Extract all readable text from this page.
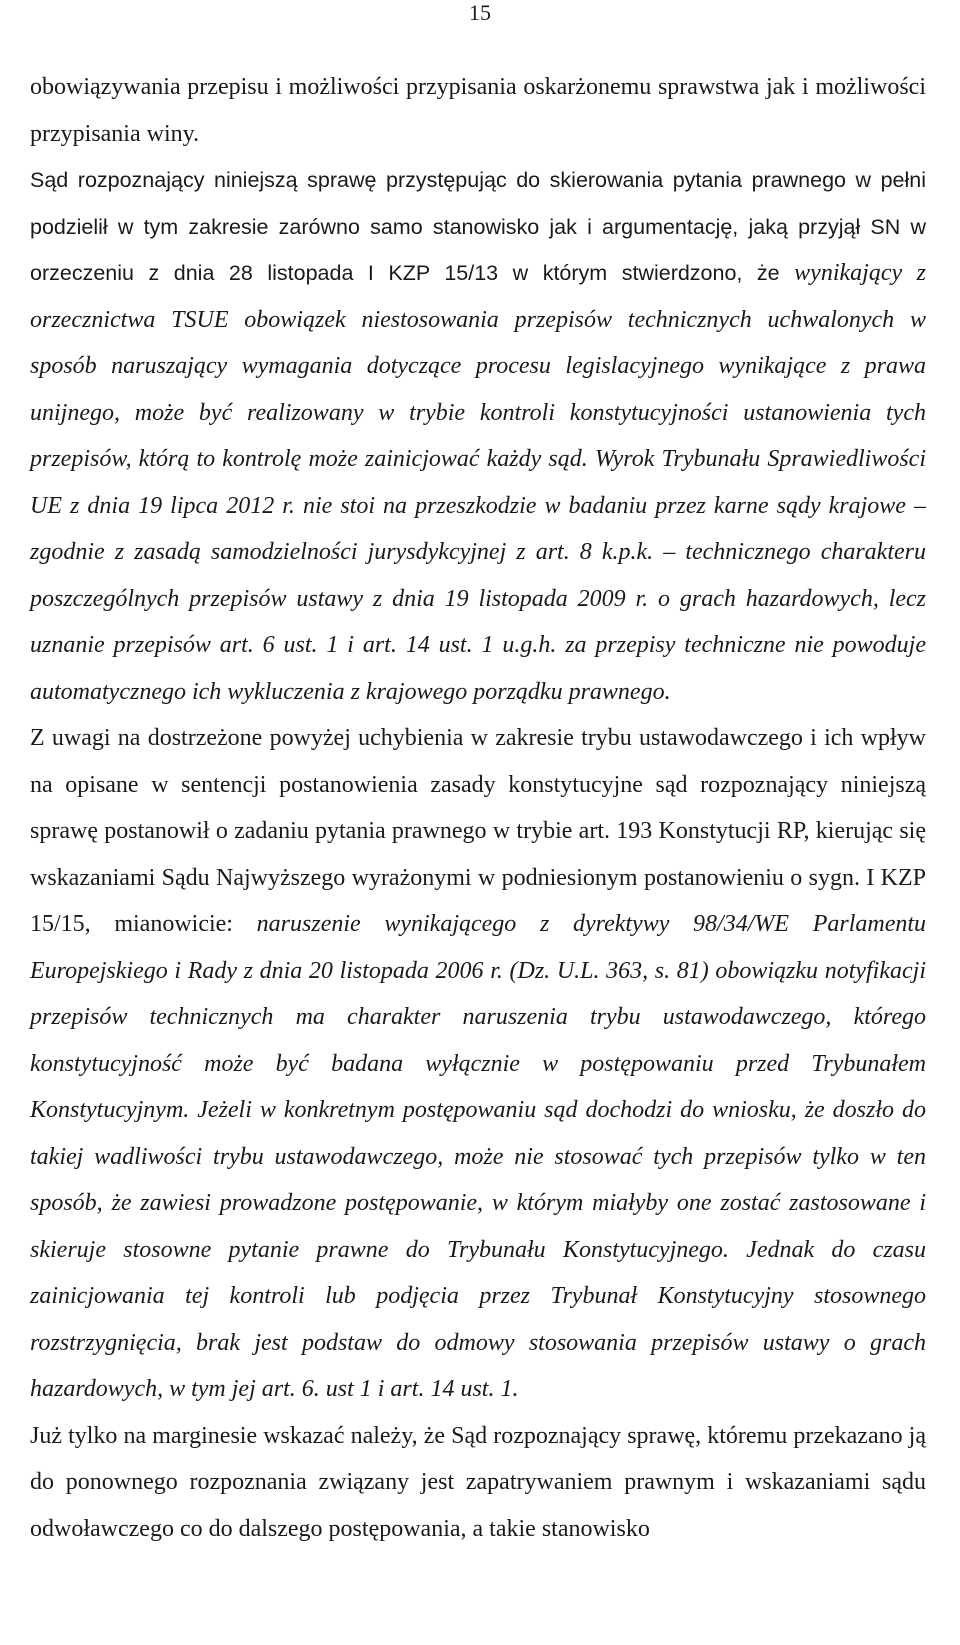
15

obowiązywania przepisu i możliwości przypisania oskarżonemu sprawstwa jak i możliwości przypisania winy.

Sąd rozpoznający niniejszą sprawę przystępując do skierowania pytania prawnego w pełni podzielił w tym zakresie zarówno samo stanowisko jak i argumentację, jaką przyjął SN w orzeczeniu z dnia 28 listopada I KZP 15/13 w którym stwierdzono, że wynikający z orzecznictwa TSUE obowiązek niestosowania przepisów technicznych uchwalonych w sposób naruszający wymagania dotyczące procesu legislacyjnego wynikające z prawa unijnego, może być realizowany w trybie kontroli konstytucyjności ustanowienia tych przepisów, którą to kontrolę może zainicjować każdy sąd. Wyrok Trybunału Sprawiedliwości UE z dnia 19 lipca 2012 r. nie stoi na przeszkodzie w badaniu przez karne sądy krajowe – zgodnie z zasadą samodzielności jurysdykcyjnej z art. 8 k.p.k. – technicznego charakteru poszczególnych przepisów ustawy z dnia 19 listopada 2009 r. o grach hazardowych, lecz uznanie przepisów art. 6 ust. 1 i art. 14 ust. 1 u.g.h. za przepisy techniczne nie powoduje automatycznego ich wykluczenia z krajowego porządku prawnego.

Z uwagi na dostrzeżone powyżej uchybienia w zakresie trybu ustawodawczego i ich wpływ na opisane w sentencji postanowienia zasady konstytucyjne sąd rozpoznający niniejszą sprawę postanowił o zadaniu pytania prawnego w trybie art. 193 Konstytucji RP, kierując się wskazaniami Sądu Najwyższego wyrażonymi w podniesionym postanowieniu o sygn. I KZP 15/15, mianowicie: naruszenie wynikającego z dyrektywy 98/34/WE Parlamentu Europejskiego i Rady z dnia 20 listopada 2006 r. (Dz. U.L. 363, s. 81) obowiązku notyfikacji przepisów technicznych ma charakter naruszenia trybu ustawodawczego, którego konstytucyjność może być badana wyłącznie w postępowaniu przed Trybunałem Konstytucyjnym. Jeżeli w konkretnym postępowaniu sąd dochodzi do wniosku, że doszło do takiej wadliwości trybu ustawodawczego, może nie stosować tych przepisów tylko w ten sposób, że zawiesi prowadzone postępowanie, w którym miałyby one zostać zastosowane i skieruje stosowne pytanie prawne do Trybunału Konstytucyjnego. Jednak do czasu zainicjowania tej kontroli lub podjęcia przez Trybunał Konstytucyjny stosownego rozstrzygnięcia, brak jest podstaw do odmowy stosowania przepisów ustawy o grach hazardowych, w tym jej art. 6. ust 1 i art. 14 ust. 1.

Już tylko na marginesie wskazać należy, że Sąd rozpoznający sprawę, któremu przekazano ją do ponownego rozpoznania związany jest zapatrywaniem prawnym i wskazaniami sądu odwoławczego co do dalszego postępowania, a takie stanowisko
